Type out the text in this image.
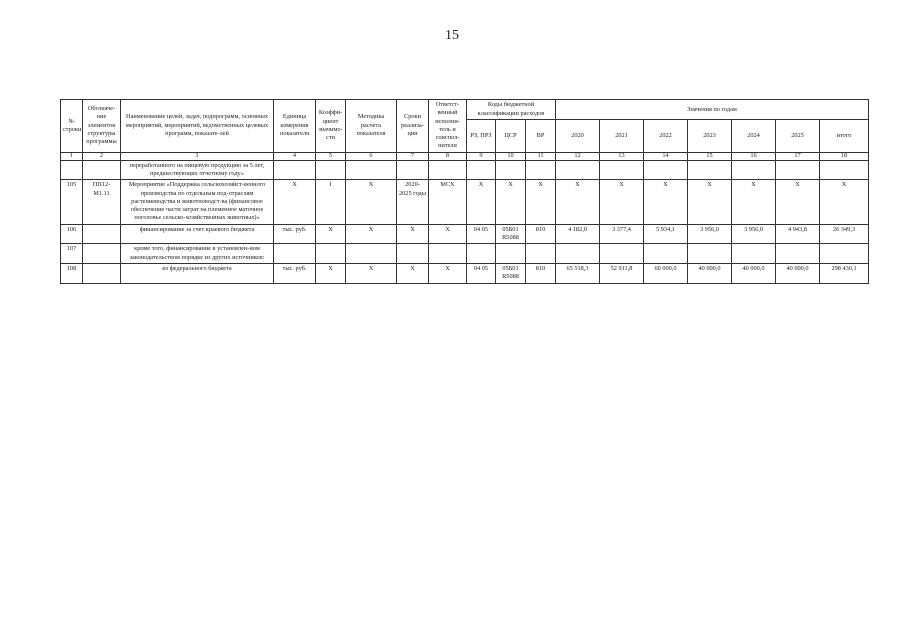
15
№ строки	Обозначе-ние элементов структуры программы	Наименование целей, задач, подпрограмм, основных мероприятий, мероприятий, ведомственных целевых программ, показате-лей	Единица измерения показателя	Коэффи-циент значимо-сти	Методика расчета показателя	Сроки реализа-ции	Ответст-венный исполни-тель и соиспол-нители	Коды бюджетной классификации расходов			Значения по годам						
								РЗ, ПРЗ	ЦСР	ВР	2020	2021	2022	2023	2024	2025	итого
1	2	3	4	5	6	7	8	9	10	11	12	13	14	15	16	17	18
		переработанного на пищевую продукцию за 5 лет, предшествующих отчетному году»															
105	ПП12-М1.11	Мероприятие «Поддержка сельскохозяйст-венного производства по отдельным под-отраслям растениеводства и животноводст-ва (финансовое обеспечение части затрат на племенное маточное поголовье сельско-хозяйственных животных)»	X	1	X	2020-2025 годы	МСХ	X	X	X	X	X	X	X	X	X	X
106		финансирование за счет краевого бюджета	тыс. руб.	X	X	X	X	04 05	05Б01 R5088	810	4 182,0	3 377,4	5 934,1	3 956,0	3 956,0	4 943,8	26 349,3
107		кроме того, финансирование в установлен-ном законодательством порядке из других источников:															
108		из федерального бюджета	тыс. руб.	X	X	X	X	04 05	05Б01 R5088	810	65 518,3	52 911,8	60 000,0	40 000,0	40 000,0	40 000,0	298 430,1
